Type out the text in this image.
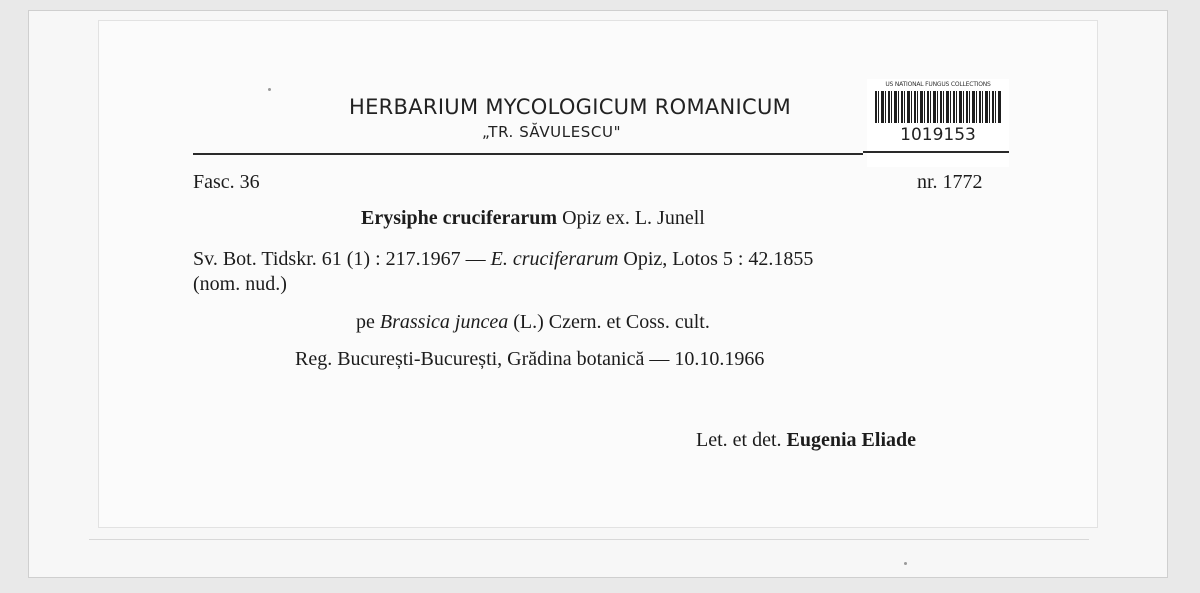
HERBARIUM MYCOLOGICUM ROMANICUM
„TR. SĂVULESCU"
US NATIONAL FUNGUS COLLECTIONS
1019153
Fasc. 36	nr. 1772
Erysiphe cruciferarum Opiz ex. L. Junell
Sv. Bot. Tidskr. 61 (1) : 217.1967 — E. cruciferarum Opiz, Lotos 5 : 42.1855
(nom. nud.)
pe Brassica juncea (L.) Czern. et Coss. cult.
Reg. București-București, Grădina botanică — 10.10.1966
Let. et det. Eugenia Eliade
